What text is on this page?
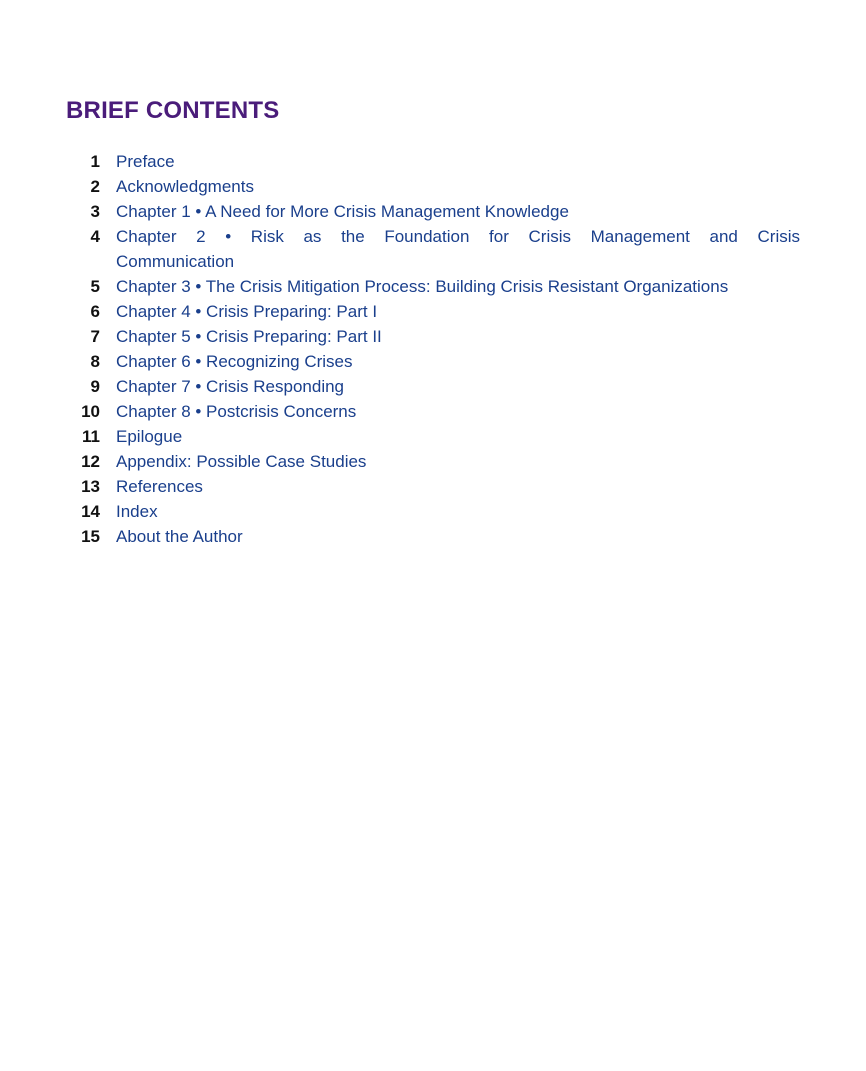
BRIEF CONTENTS
1 Preface
2 Acknowledgments
3 Chapter 1 • A Need for More Crisis Management Knowledge
4 Chapter 2 • Risk as the Foundation for Crisis Management and Crisis
Communication
5 Chapter 3 • The Crisis Mitigation Process: Building Crisis Resistant Organizations
6 Chapter 4 • Crisis Preparing: Part I
7 Chapter 5 • Crisis Preparing: Part II
8 Chapter 6 • Recognizing Crises
9 Chapter 7 • Crisis Responding
10 Chapter 8 • Postcrisis Concerns
11 Epilogue
12 Appendix: Possible Case Studies
13 References
14 Index
15 About the Author
